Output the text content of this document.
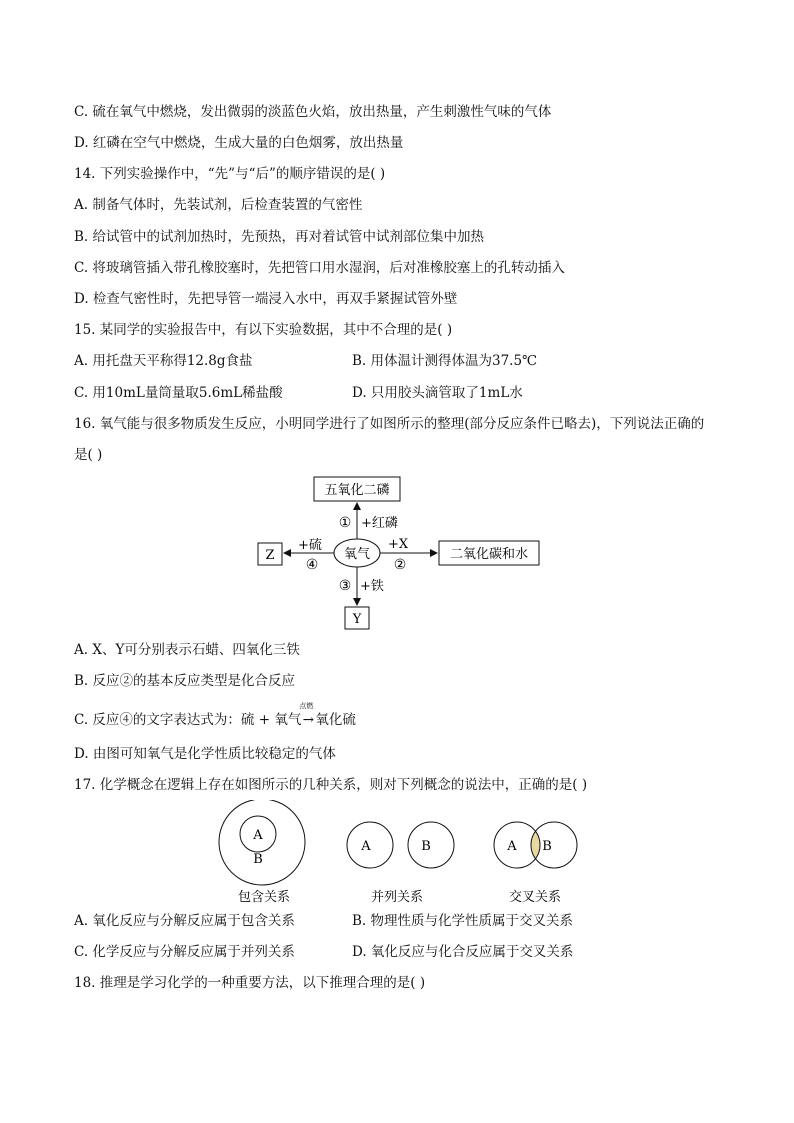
C. 硫在氧气中燃烧，发出微弱的淡蓝色火焰，放出热量，产生刺激性气味的气体
D. 红磷在空气中燃烧，生成大量的白色烟雾，放出热量
14. 下列实验操作中，“先”与“后”的顺序错误的是( )
A. 制备气体时，先装试剂，后检查装置的气密性
B. 给试管中的试剂加热时，先预热，再对着试管中试剂部位集中加热
C. 将玻璃管插入带孔橡胶塞时，先把管口用水湿润，后对准橡胶塞上的孔转动插入
D. 检查气密性时，先把导管一端浸入水中，再双手紧握试管外壁
15. 某同学的实验报告中，有以下实验数据，其中不合理的是( )
A. 用托盘天平称得12.8g食盐	B. 用体温计测得体温为37.5℃
C. 用10mL量筒量取5.6mL稀盐酸	D. 只用胶头滴管取了1mL水
16. 氧气能与很多物质发生反应，小明同学进行了如图所示的整理(部分反应条件已略去)，下列说法正确的
是( )
五氧化二磷
Z	二氧化碳和水
Y
氧气
① +红磷
+硫
④
+X
②
③ +铁
A. X、Y可分别表示石蜡、四氧化三铁
B. 反应②的基本反应类型是化合反应
C. 反应④的文字表达式为：硫 + 氧气→
点燃
氧化硫
D. 由图可知氧气是化学性质比较稳定的气体
17. 化学概念在逻辑上存在如图所示的几种关系，则对下列概念的说法中，正确的是( )
A
B
A	B	A B
包含关系	并列关系	交叉关系
A. 氧化反应与分解反应属于包含关系	B. 物理性质与化学性质属于交叉关系
C. 化学反应与分解反应属于并列关系	D. 氧化反应与化合反应属于交叉关系
18. 推理是学习化学的一种重要方法，以下推理合理的是( )
